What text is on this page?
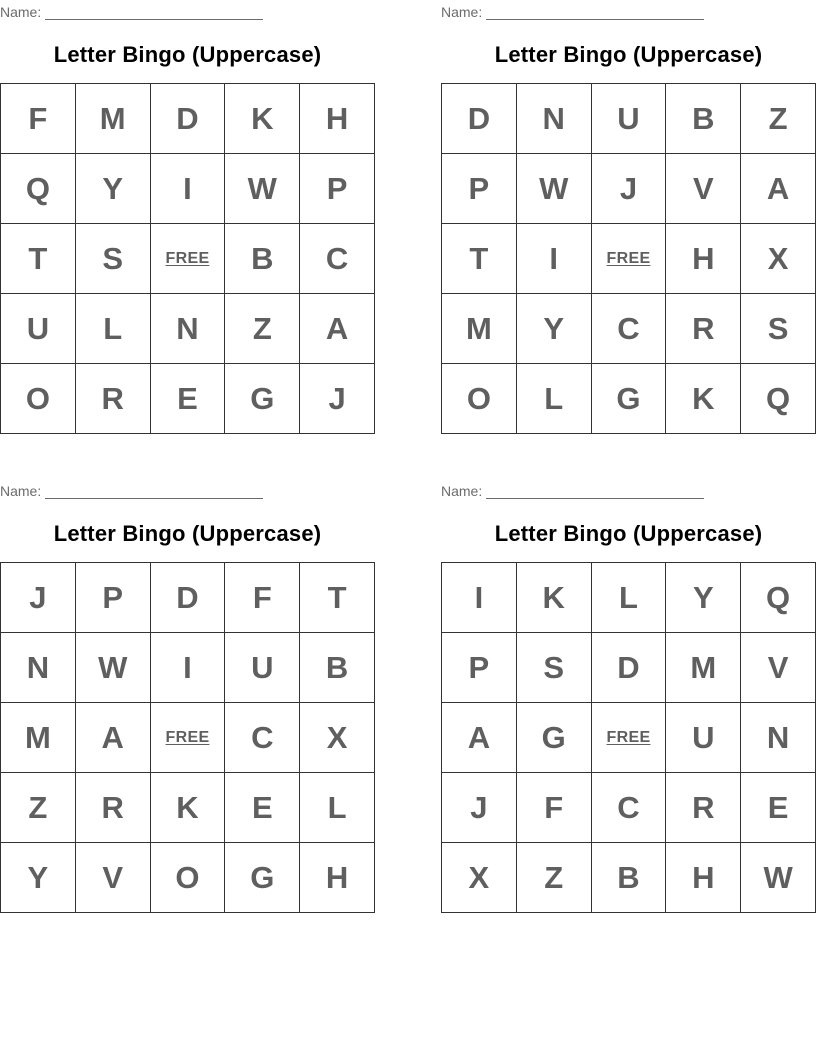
Name:
Letter Bingo (Uppercase)
F	M	D	K	H
Q	Y	I	W	P
T	S	FREE	B	C
U	L	N	Z	A
O	R	E	G	J
Name:
Letter Bingo (Uppercase)
D	N	U	B	Z
P	W	J	V	A
T	I	FREE	H	X
M	Y	C	R	S
O	L	G	K	Q
Name:
Letter Bingo (Uppercase)
J	P	D	F	T
N	W	I	U	B
M	A	FREE	C	X
Z	R	K	E	L
Y	V	O	G	H
Name:
Letter Bingo (Uppercase)
I	K	L	Y	Q
P	S	D	M	V
A	G	FREE	U	N
J	F	C	R	E
X	Z	B	H	W
